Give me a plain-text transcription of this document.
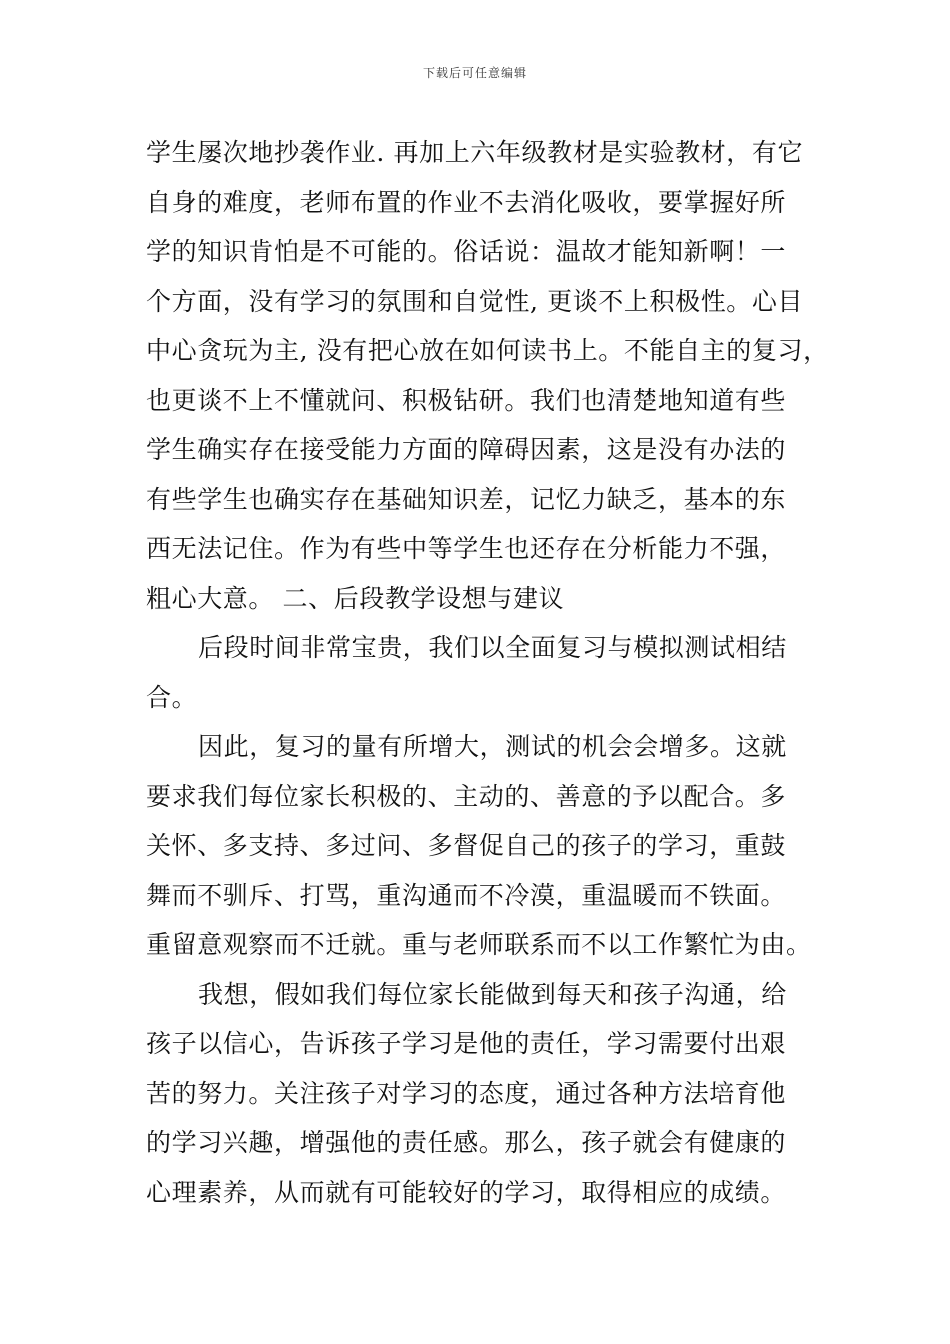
下载后可任意编辑
学生屡次地抄袭作业. 再加上六年级教材是实验教材，有它
自身的难度，老师布置的作业不去消化吸收，要掌握好所
学的知识肯怕是不可能的。俗话说：温故才能知新啊！一
个方面，没有学习的氛围和自觉性, 更谈不上积极性。心目
中心贪玩为主, 没有把心放在如何读书上。不能自主的复习，
也更谈不上不懂就问、积极钻研。我们也清楚地知道有些
学生确实存在接受能力方面的障碍因素，这是没有办法的
有些学生也确实存在基础知识差，记忆力缺乏，基本的东
西无法记住。作为有些中等学生也还存在分析能力不强，
粗心大意。 二、后段教学设想与建议
后段时间非常宝贵，我们以全面复习与模拟测试相结
合。
因此，复习的量有所增大，测试的机会会增多。这就
要求我们每位家长积极的、主动的、善意的予以配合。多
关怀、多支持、多过问、多督促自己的孩子的学习，重鼓
舞而不驯斥、打骂，重沟通而不冷漠，重温暖而不铁面。
重留意观察而不迁就。重与老师联系而不以工作繁忙为由。
我想，假如我们每位家长能做到每天和孩子沟通，给
孩子以信心，告诉孩子学习是他的责任，学习需要付出艰
苦的努力。关注孩子对学习的态度，通过各种方法培育他
的学习兴趣，增强他的责任感。那么，孩子就会有健康的
心理素养，从而就有可能较好的学习，取得相应的成绩。
